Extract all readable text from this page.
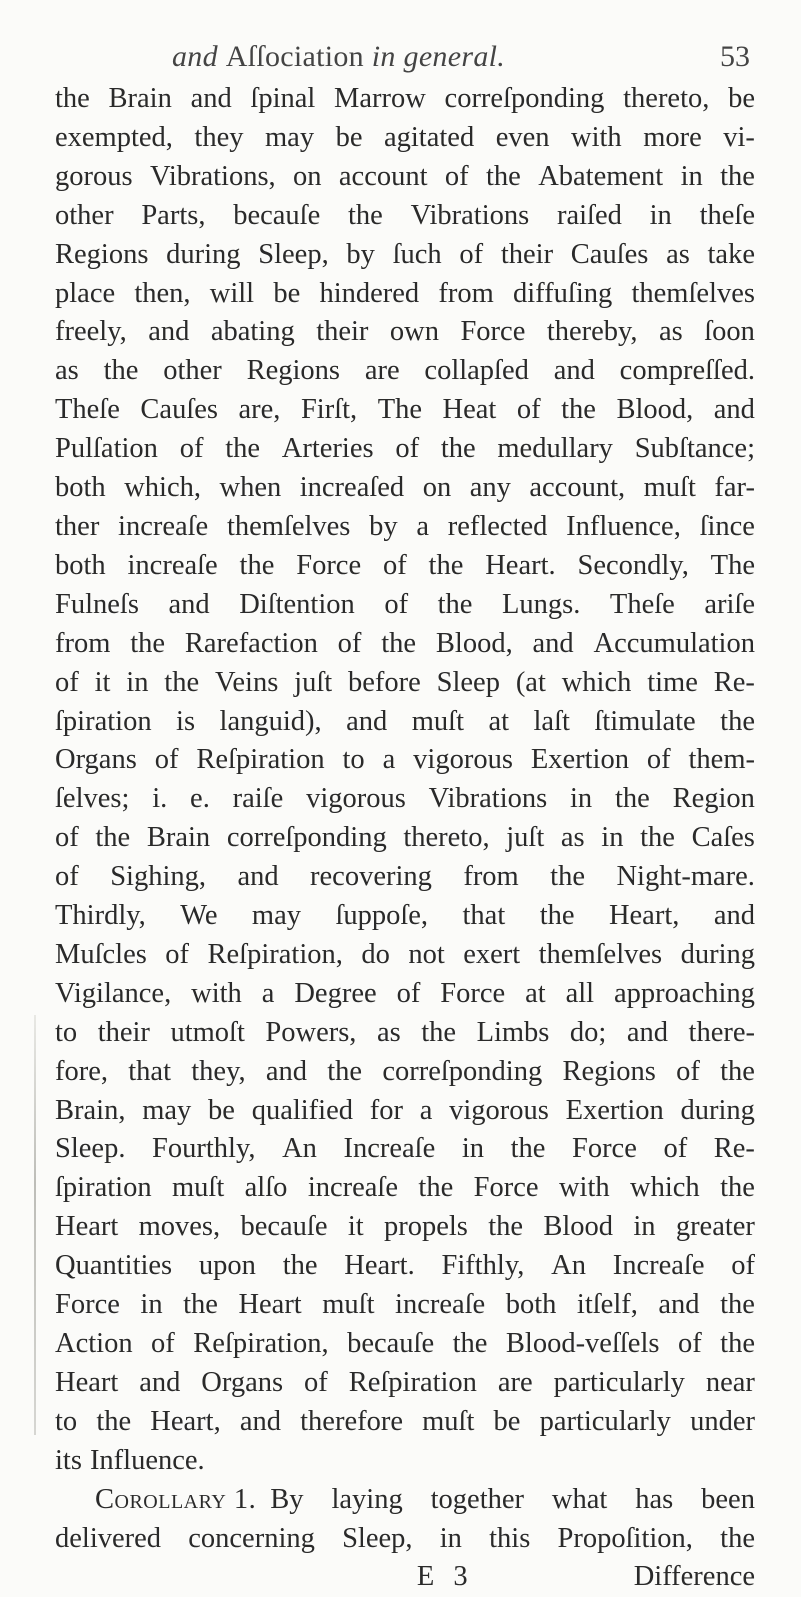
and Aſſociation in general.	53
the Brain and ſpinal Marrow correſponding thereto, be
exempted, they may be agitated even with more vi-
gorous Vibrations, on account of the Abatement in the
other Parts, becauſe the Vibrations raiſed in theſe
Regions during Sleep, by ſuch of their Cauſes as take
place then, will be hindered from diffuſing themſelves
freely, and abating their own Force thereby, as ſoon
as the other Regions are collapſed and compreſſed.
Theſe Cauſes are, Firſt, The Heat of the Blood, and
Pulſation of the Arteries of the medullary Subſtance;
both which, when increaſed on any account, muſt far-
ther increaſe themſelves by a reflected Influence, ſince
both increaſe the Force of the Heart. Secondly, The
Fulneſs and Diſtention of the Lungs. Theſe ariſe
from the Rarefaction of the Blood, and Accumulation
of it in the Veins juſt before Sleep (at which time Re-
ſpiration is languid), and muſt at laſt ſtimulate the
Organs of Reſpiration to a vigorous Exertion of them-
ſelves; i. e. raiſe vigorous Vibrations in the Region
of the Brain correſponding thereto, juſt as in the Caſes
of Sighing, and recovering from the Night-mare.
Thirdly, We may ſuppoſe, that the Heart, and
Muſcles of Reſpiration, do not exert themſelves during
Vigilance, with a Degree of Force at all approaching
to their utmoſt Powers, as the Limbs do; and there-
fore, that they, and the correſponding Regions of the
Brain, may be qualified for a vigorous Exertion during
Sleep. Fourthly, An Increaſe in the Force of Re-
ſpiration muſt alſo increaſe the Force with which the
Heart moves, becauſe it propels the Blood in greater
Quantities upon the Heart. Fifthly, An Increaſe of
Force in the Heart muſt increaſe both itſelf, and the
Action of Reſpiration, becauſe the Blood-veſſels of the
Heart and Organs of Reſpiration are particularly near
to the Heart, and therefore muſt be particularly under
its Influence.
Corollary 1. By laying together what has been
delivered concerning Sleep, in this Propoſition, the
E 3	Difference
